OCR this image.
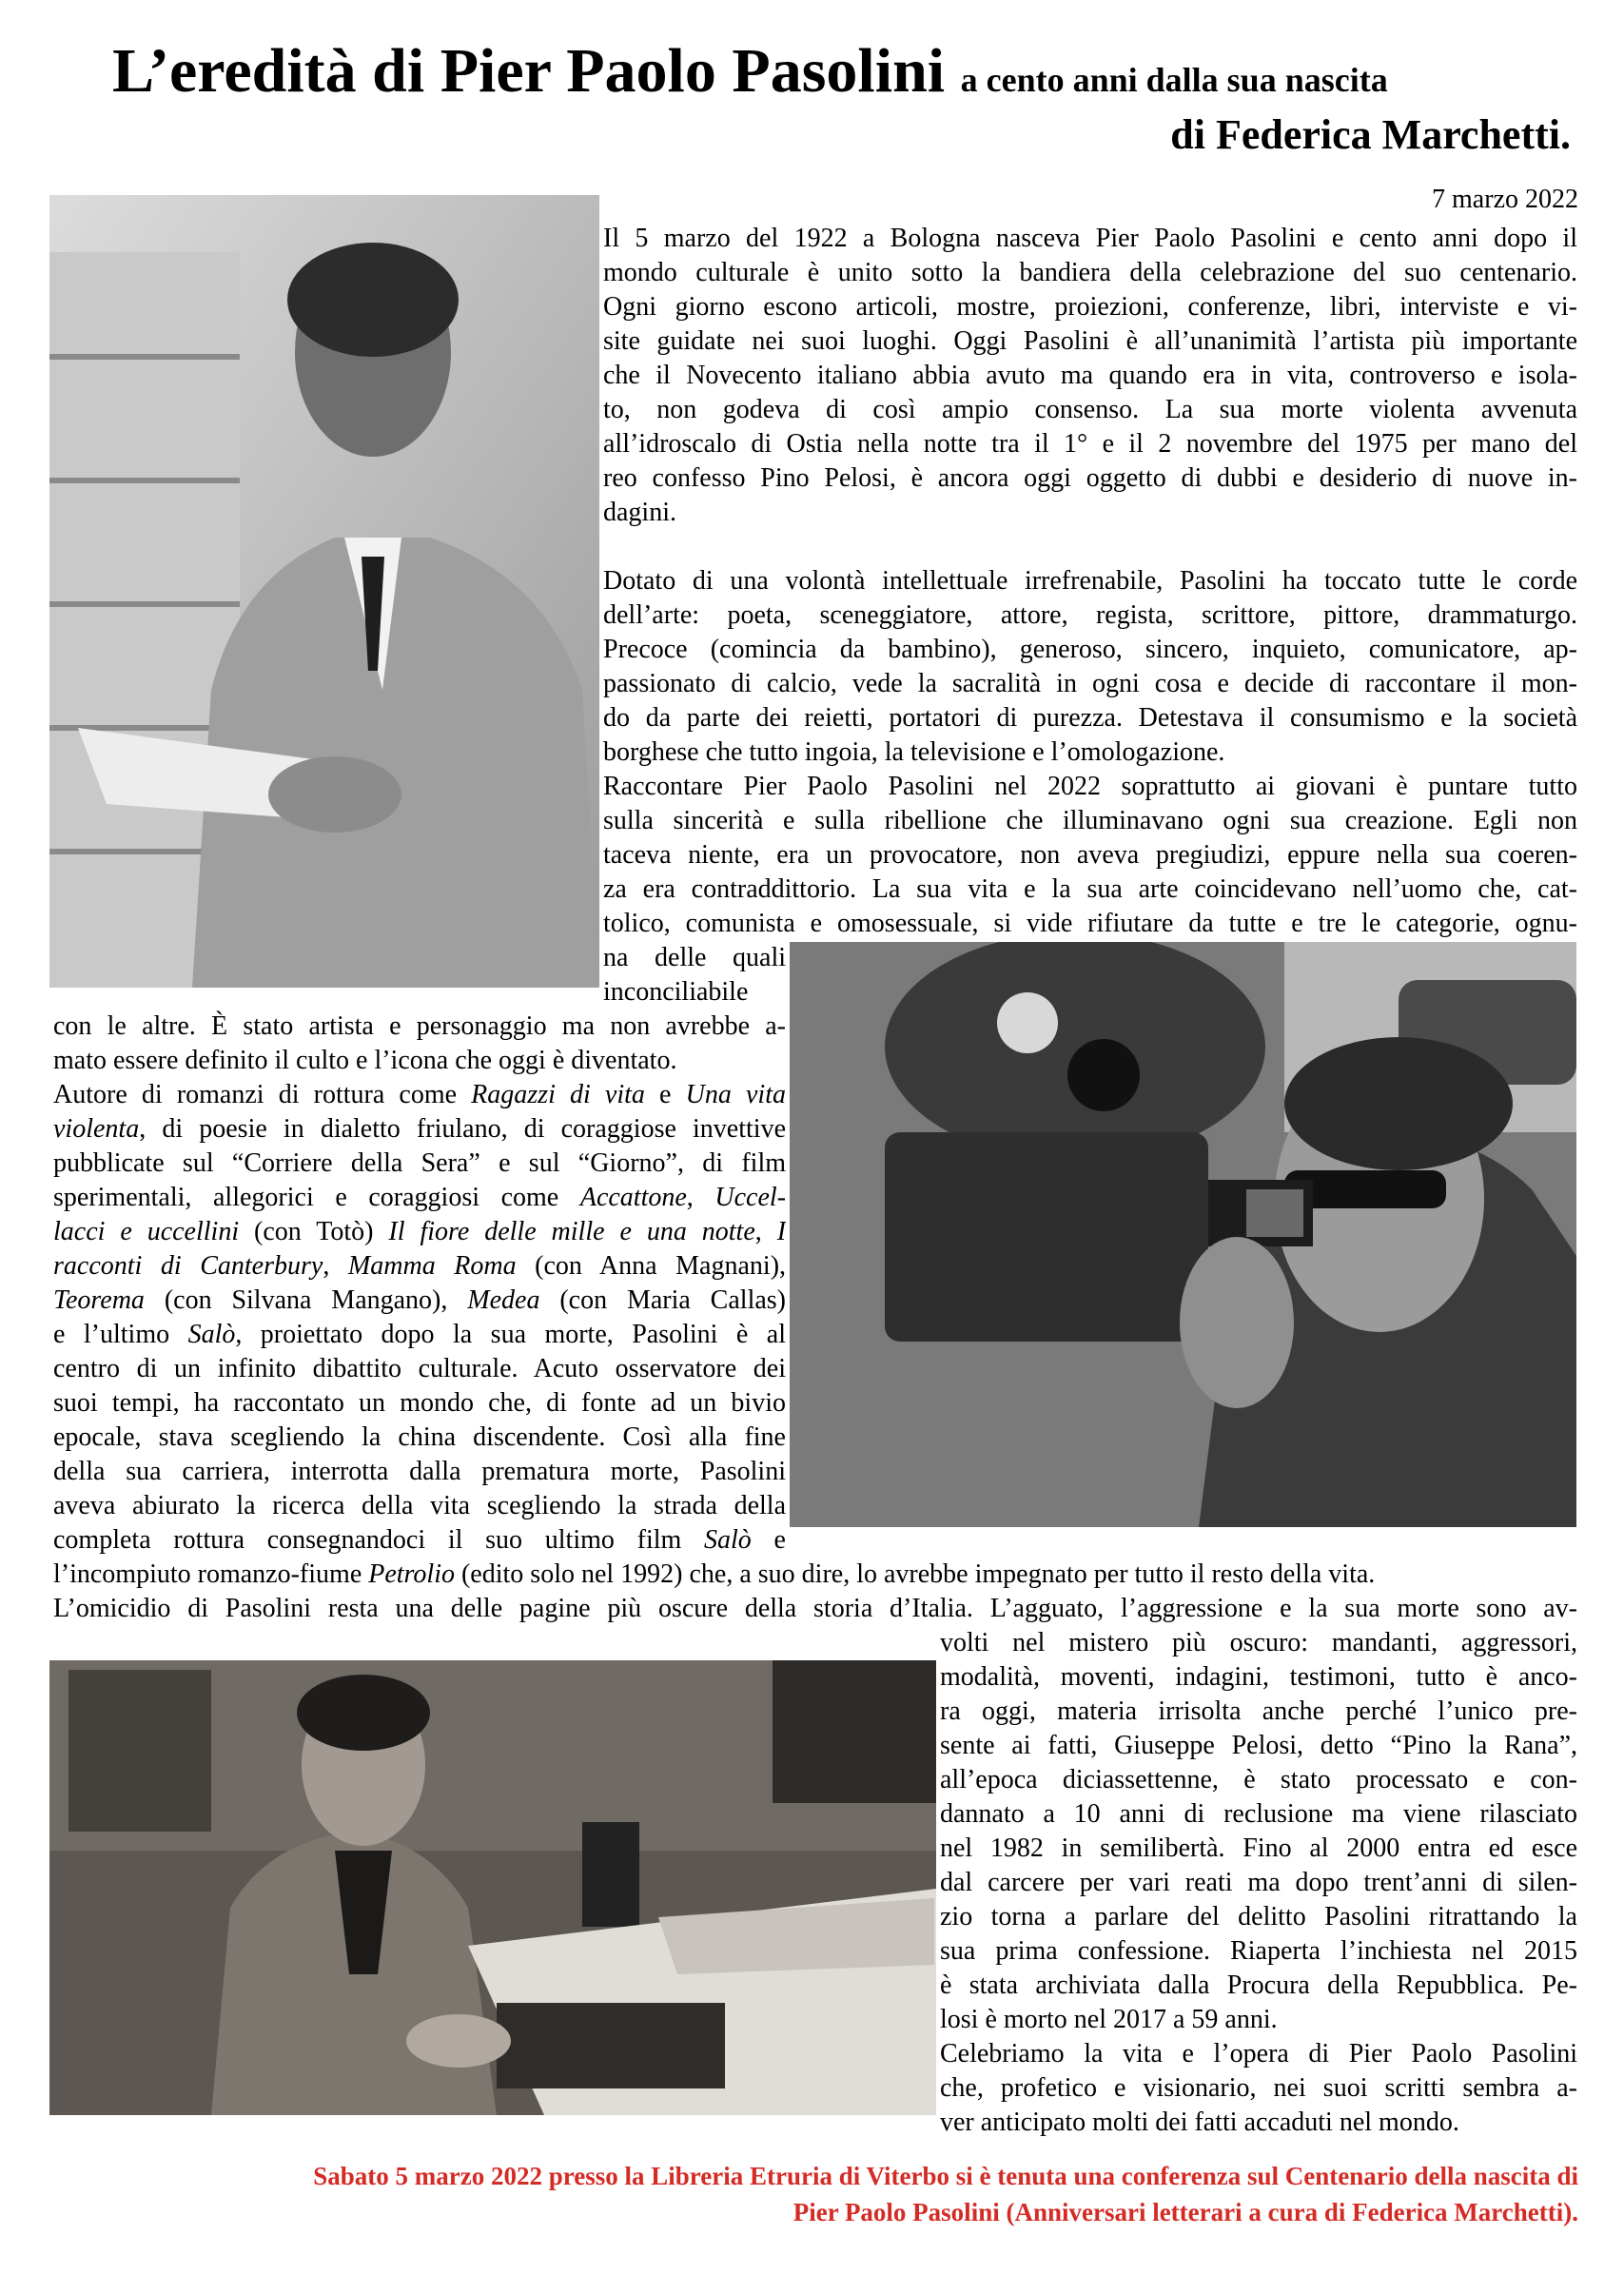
L’eredità di Pier Paolo Pasolini a cento anni dalla sua nascita
di Federica Marchetti.
7 marzo 2022
Il 5 marzo del 1922 a Bologna nasceva Pier Paolo Pasolini e cento anni dopo il
mondo culturale è unito sotto la bandiera della celebrazione del suo centenario.
Ogni giorno escono articoli, mostre, proiezioni, conferenze, libri, interviste e vi-
site guidate nei suoi luoghi. Oggi Pasolini è all’unanimità l’artista più importante
che il Novecento italiano abbia avuto ma quando era in vita, controverso e isola-
to, non godeva di così ampio consenso. La sua morte violenta avvenuta
all’idroscalo di Ostia nella notte tra il 1° e il 2 novembre del 1975 per mano del
reo confesso Pino Pelosi, è ancora oggi oggetto di dubbi e desiderio di nuove in-
dagini.
Dotato di una volontà intellettuale irrefrenabile, Pasolini ha toccato tutte le corde
dell’arte: poeta, sceneggiatore, attore, regista, scrittore, pittore, drammaturgo.
Precoce (comincia da bambino), generoso, sincero, inquieto, comunicatore, ap-
passionato di calcio, vede la sacralità in ogni cosa e decide di raccontare il mon-
do da parte dei reietti, portatori di purezza. Detestava il consumismo e la società
borghese che tutto ingoia, la televisione e l’omologazione.
Raccontare Pier Paolo Pasolini nel 2022 soprattutto ai giovani è puntare tutto
sulla sincerità e sulla ribellione che illuminavano ogni sua creazione. Egli non
taceva niente, era un provocatore, non aveva pregiudizi, eppure nella sua coeren-
za era contraddittorio. La sua vita e la sua arte coincidevano nell’uomo che, cat-
tolico, comunista e omosessuale, si vide rifiutare da tutte e tre le categorie, ognu-
na delle quali
inconciliabile
con le altre. È stato artista e personaggio ma non avrebbe a-
mato essere definito il culto e l’icona che oggi è diventato.
Autore di romanzi di rottura come Ragazzi di vita e Una vita
violenta, di poesie in dialetto friulano, di coraggiose invettive
pubblicate sul “Corriere della Sera” e sul “Giorno”, di film
sperimentali, allegorici e coraggiosi come Accattone, Uccel-
lacci e uccellini (con Totò) Il fiore delle mille e una notte, I
racconti di Canterbury, Mamma Roma (con Anna Magnani),
Teorema (con Silvana Mangano), Medea (con Maria Callas)
e l’ultimo Salò, proiettato dopo la sua morte, Pasolini è al
centro di un infinito dibattito culturale. Acuto osservatore dei
suoi tempi, ha raccontato un mondo che, di fonte ad un bivio
epocale, stava scegliendo la china discendente. Così alla fine
della sua carriera, interrotta dalla prematura morte, Pasolini
aveva abiurato la ricerca della vita scegliendo la strada della
completa rottura consegnandoci il suo ultimo film Salò e
l’incompiuto romanzo-fiume Petrolio (edito solo nel 1992) che, a suo dire, lo avrebbe impegnato per tutto il resto della vita.
L’omicidio di Pasolini resta una delle pagine più oscure della storia d’Italia. L’agguato, l’aggressione e la sua morte sono av-
volti nel mistero più oscuro: mandanti, aggressori,
modalità, moventi, indagini, testimoni, tutto è anco-
ra oggi, materia irrisolta anche perché l’unico pre-
sente ai fatti, Giuseppe Pelosi, detto “Pino la Rana”,
all’epoca diciassettenne, è stato processato e con-
dannato a 10 anni di reclusione ma viene rilasciato
nel 1982 in semilibertà. Fino al 2000 entra ed esce
dal carcere per vari reati ma dopo trent’anni di silen-
zio torna a parlare del delitto Pasolini ritrattando la
sua prima confessione. Riaperta l’inchiesta nel 2015
è stata archiviata dalla Procura della Repubblica. Pe-
losi è morto nel 2017 a 59 anni.
Celebriamo la vita e l’opera di Pier Paolo Pasolini
che, profetico e visionario, nei suoi scritti sembra a-
ver anticipato molti dei fatti accaduti nel mondo.
Sabato 5 marzo 2022 presso la Libreria Etruria di Viterbo si è tenuta una conferenza sul Centenario della nascita di
Pier Paolo Pasolini (Anniversari letterari a cura di Federica Marchetti).
